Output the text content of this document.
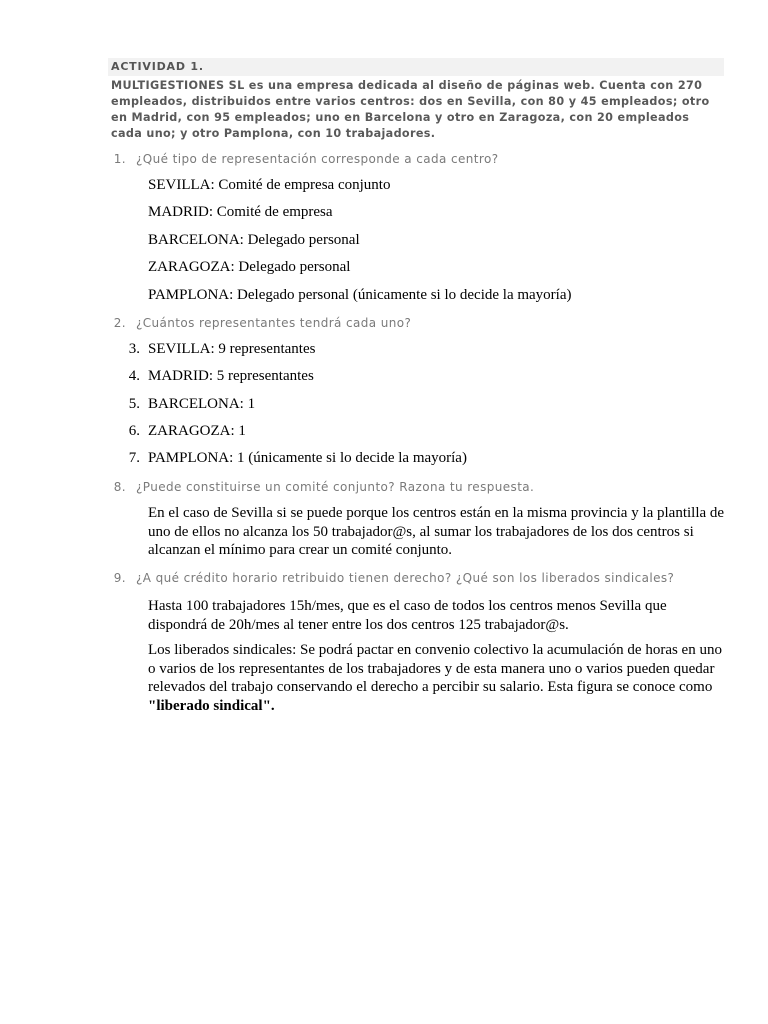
ACTIVIDAD 1.
MULTIGESTIONES SL es una empresa dedicada al diseño de páginas web. Cuenta con 270 empleados, distribuidos entre varios centros: dos en Sevilla, con 80 y 45 empleados; otro en Madrid, con 95 empleados; uno en Barcelona y otro en Zaragoza, con 20 empleados cada uno; y otro Pamplona, con 10 trabajadores.
1. ¿Qué tipo de representación corresponde a cada centro?
SEVILLA: Comité de empresa conjunto
MADRID: Comité de empresa
BARCELONA: Delegado personal
ZARAGOZA: Delegado personal
PAMPLONA: Delegado personal (únicamente si lo decide la mayoría)
2. ¿Cuántos representantes tendrá cada uno?
3. SEVILLA: 9 representantes
4. MADRID: 5 representantes
5. BARCELONA: 1
6. ZARAGOZA: 1
7. PAMPLONA: 1 (únicamente si lo decide la mayoría)
8. ¿Puede constituirse un comité conjunto? Razona tu respuesta.
En el caso de Sevilla si se puede porque los centros están en la misma provincia y la plantilla de uno de ellos no alcanza los 50 trabajador@s, al sumar los trabajadores de los dos centros si alcanzan el mínimo para crear un comité conjunto.
9. ¿A qué crédito horario retribuido tienen derecho? ¿Qué son los liberados sindicales?
Hasta 100 trabajadores 15h/mes, que es el caso de todos los centros menos Sevilla que dispondrá de 20h/mes al tener entre los dos centros 125 trabajador@s.
Los liberados sindicales: Se podrá pactar en convenio colectivo la acumulación de horas en uno o varios de los representantes de los trabajadores y de esta manera uno o varios pueden quedar relevados del trabajo conservando el derecho a percibir su salario. Esta figura se conoce como "liberado sindical".
